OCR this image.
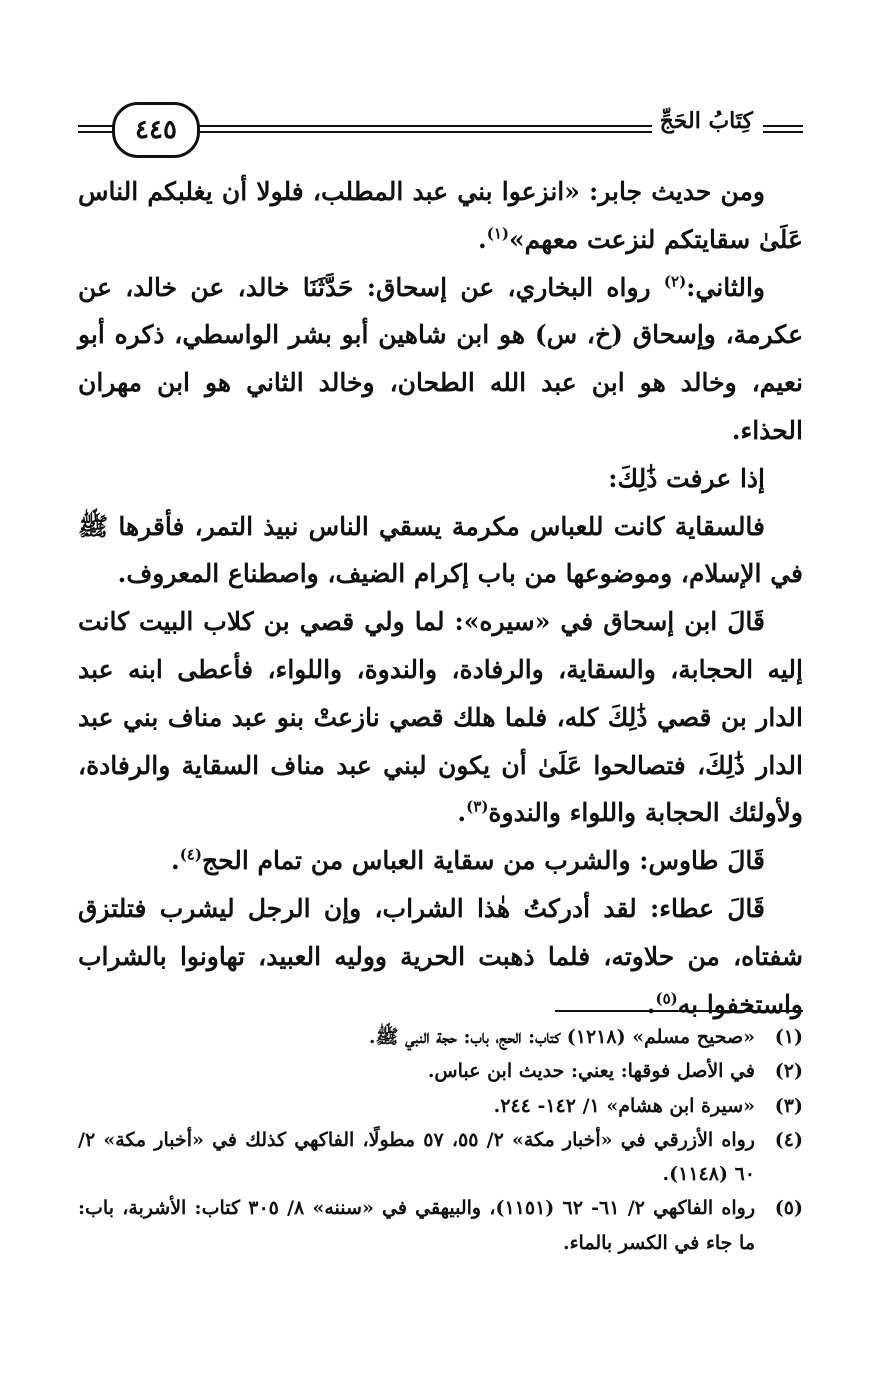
٤٤٥	كِتَابُ الحَجِّ

ومن حديث جابر: «انزعوا بني عبد المطلب، فلولا أن يغلبكم الناس عَلَىٰ سقايتكم لنزعت معهم»$^{(١)}$.

والثاني:$^{(٢)}$ رواه البخاري، عن إسحاق: حَدَّثَنَا خالد، عن خالد، عن عكرمة، وإسحاق (خ، س) هو ابن شاهين أبو بشر الواسطي، ذكره أبو نعيم، وخالد هو ابن عبد الله الطحان، وخالد الثاني هو ابن مهران الحذاء.

إذا عرفت ذَٰلِكَ:

فالسقاية كانت للعباس مكرمة يسقي الناس نبيذ التمر، فأقرها ﷺ في الإسلام، وموضوعها من باب إكرام الضيف، واصطناع المعروف.

قَالَ ابن إسحاق في «سيره»: لما ولي قصي بن كلاب البيت كانت إليه الحجابة، والسقاية، والرفادة، والندوة، واللواء، فأعطى ابنه عبد الدار بن قصي ذَٰلِكَ كله، فلما هلك قصي نازعتْ بنو عبد مناف بني عبد الدار ذَٰلِكَ، فتصالحوا عَلَىٰ أن يكون لبني عبد مناف السقاية والرفادة، ولأولئك الحجابة واللواء والندوة$^{(٣)}$.

قَالَ طاوس: والشرب من سقاية العباس من تمام الحج$^{(٤)}$.

قَالَ عطاء: لقد أدركتُ هٰذا الشراب، وإن الرجل ليشرب فتلتزق شفتاه، من حلاوته، فلما ذهبت الحرية ووليه العبيد، تهاونوا بالشراب واستخفوا به$^{(٥)}$.

(١)
«صحيح مسلم» (١٢١٨) كتاب: الحج، باب: حجة النبي ﷺ.
(٢)
في الأصل فوقها: يعني: حديث ابن عباس.
(٣)
«سيرة ابن هشام» ١/ ١٤٢- ٢٤٤.
(٤)
رواه الأزرقي في «أخبار مكة» ٢/ ٥٥، ٥٧ مطولًا، الفاكهي كذلك في «أخبار مكة» ٢/ ٦٠ (١١٤٨).
(٥)
رواه الفاكهي ٢/ ٦١- ٦٢ (١١٥١)، والبيهقي في «سننه» ٨/ ٣٠٥ كتاب: الأشربة، باب: ما جاء في الكسر بالماء.
